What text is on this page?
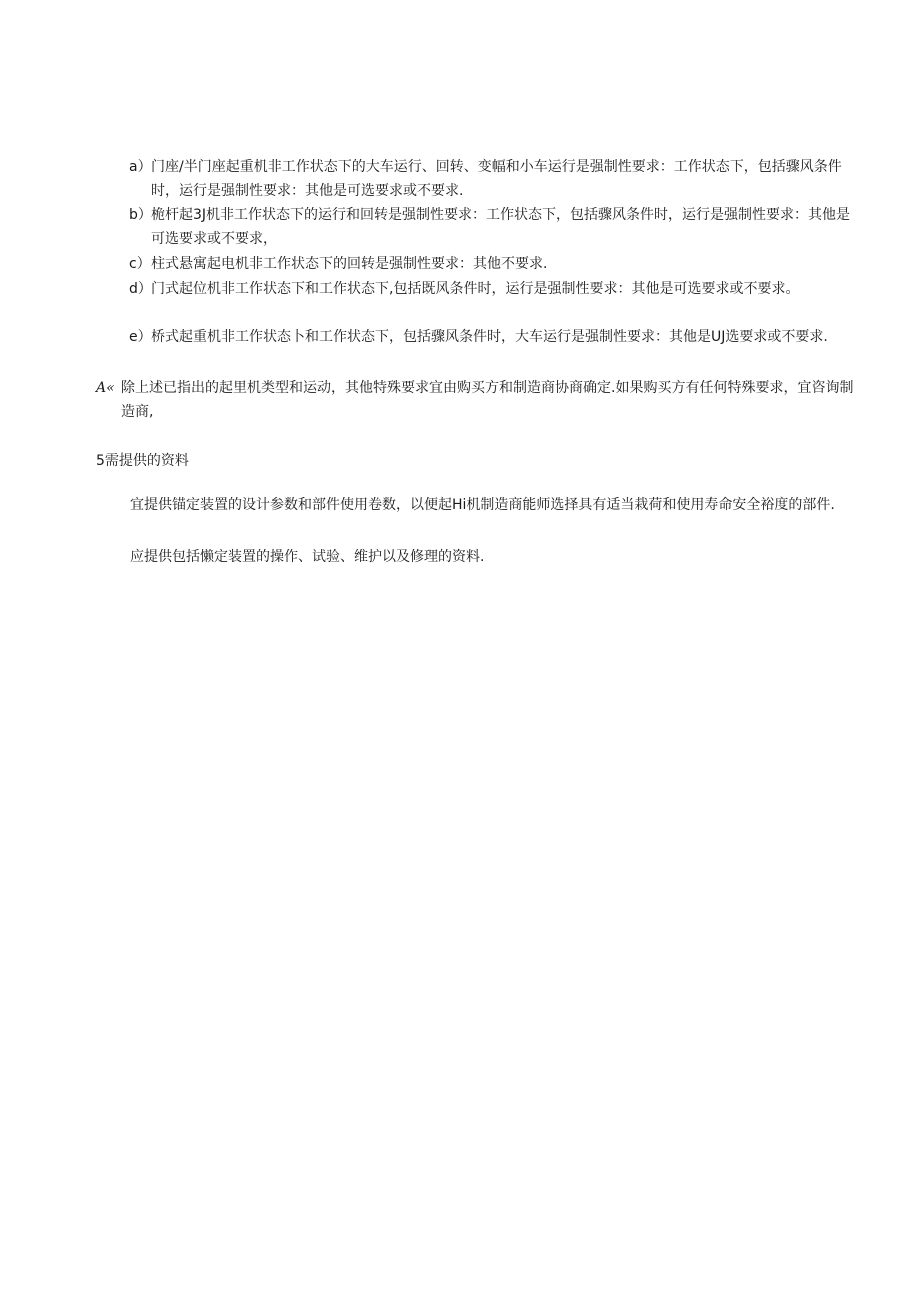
a） 门座/半门座起重机非工作状态下的大车运行、回转、变幅和小车运行是强制性要求：工作状态下，包括骤风条件时，运行是强制性要求：其他是可选要求或不要求.
b） 桅杆起3J机非工作状态下的运行和回转是强制性要求：工作状态下，包括骤风条件时，运行是强制性要求：其他是可选要求或不要求，
c） 柱式悬寓起电机非工作状态下的回转是强制性要求：其他不要求.
d） 门式起位机非工作状态下和工作状态下,包括既风条件时，运行是强制性要求：其他是可选要求或不要求。
e） 桥式起重机非工作状态卜和工作状态下，包括骤风条件时，大车运行是强制性要求：其他是UJ选要求或不要求.
A« 除上述已指出的起里机类型和运动，其他特殊要求宜由购买方和制造商协商确定.如果购买方有任何特殊要求，宜咨询制造商,
5需提供的资料
宜提供锚定装置的设计参数和部件使用卷数，以便起Hi机制造商能师选择具有适当栽荷和使用寿命安全裕度的部件.
应提供包括懒定装置的操作、试验、维护以及修理的资料.
